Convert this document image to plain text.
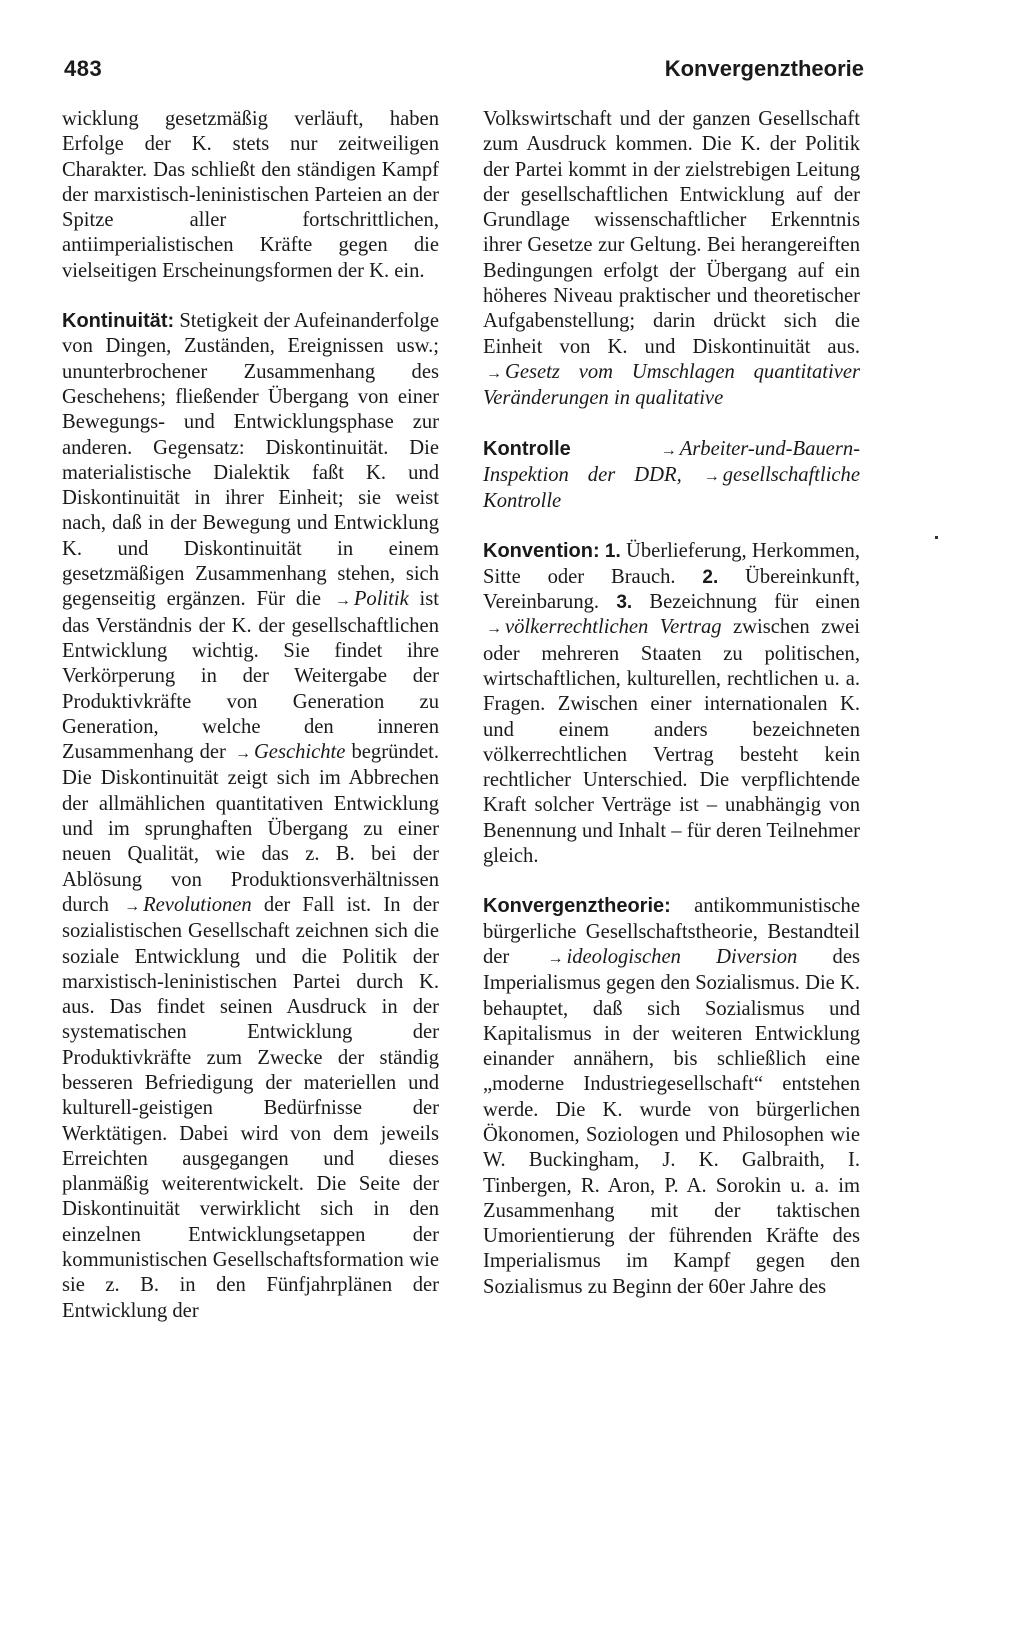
483	Konvergenztheorie

wicklung gesetzmäßig verläuft, haben Erfolge der K. stets nur zeitweiligen Charakter. Das schließt den ständigen Kampf der marxistisch-leninistischen Parteien an der Spitze aller fortschrittlichen, antiimperialistischen Kräfte gegen die vielseitigen Erscheinungsformen der K. ein.

Kontinuität: Stetigkeit der Aufeinanderfolge von Dingen, Zuständen, Ereignissen usw.; ununterbrochener Zusammenhang des Geschehens; fließender Übergang von einer Bewegungs- und Entwicklungsphase zur anderen. Gegensatz: Diskontinuität. Die materialistische Dialektik faßt K. und Diskontinuität in ihrer Einheit; sie weist nach, daß in der Bewegung und Entwicklung K. und Diskontinuität in einem gesetzmäßigen Zusammenhang stehen, sich gegenseitig ergänzen. Für die → Politik ist das Verständnis der K. der gesellschaftlichen Entwicklung wichtig. Sie findet ihre Verkörperung in der Weitergabe der Produktivkräfte von Generation zu Generation, welche den inneren Zusammenhang der → Geschichte begründet. Die Diskontinuität zeigt sich im Abbrechen der allmählichen quantitativen Entwicklung und im sprunghaften Übergang zu einer neuen Qualität, wie das z. B. bei der Ablösung von Produktionsverhältnissen durch → Revolutionen der Fall ist. In der sozialistischen Gesellschaft zeichnen sich die soziale Entwicklung und die Politik der marxistisch-leninistischen Partei durch K. aus. Das findet seinen Ausdruck in der systematischen Entwicklung der Produktivkräfte zum Zwecke der ständig besseren Befriedigung der materiellen und kulturell-geistigen Bedürfnisse der Werktätigen. Dabei wird von dem jeweils Erreichten ausgegangen und dieses planmäßig weiterentwickelt. Die Seite der Diskontinuität verwirklicht sich in den einzelnen Entwicklungsetappen der kommunistischen Gesellschaftsformation wie sie z. B. in den Fünfjahrplänen der Entwicklung der

Volkswirtschaft und der ganzen Gesellschaft zum Ausdruck kommen. Die K. der Politik der Partei kommt in der zielstrebigen Leitung der gesellschaftlichen Entwicklung auf der Grundlage wissenschaftlicher Erkenntnis ihrer Gesetze zur Geltung. Bei herangereiften Bedingungen erfolgt der Übergang auf ein höheres Niveau praktischer und theoretischer Aufgabenstellung; darin drückt sich die Einheit von K. und Diskontinuität aus. → Gesetz vom Umschlagen quantitativer Veränderungen in qualitative

Kontrolle	→ Arbeiter-und-Bauern-Inspektion der DDR, → gesellschaftliche Kontrolle

Konvention: 1. Überlieferung, Herkommen, Sitte oder Brauch. 2. Übereinkunft, Vereinbarung. 3. Bezeichnung für einen → völkerrechtlichen Vertrag zwischen zwei oder mehreren Staaten zu politischen, wirtschaftlichen, kulturellen, rechtlichen u. a. Fragen. Zwischen einer internationalen K. und einem anders bezeichneten völkerrechtlichen Vertrag besteht kein rechtlicher Unterschied. Die verpflichtende Kraft solcher Verträge ist – unabhängig von Benennung und Inhalt – für deren Teilnehmer gleich.

Konvergenztheorie: antikommunistische bürgerliche Gesellschaftstheorie, Bestandteil der → ideologischen Diversion des Imperialismus gegen den Sozialismus. Die K. behauptet, daß sich Sozialismus und Kapitalismus in der weiteren Entwicklung einander annähern, bis schließlich eine „moderne Industriegesellschaft“ entstehen werde. Die K. wurde von bürgerlichen Ökonomen, Soziologen und Philosophen wie W. Buckingham, J. K. Galbraith, I. Tinbergen, R. Aron, P. A. Sorokin u. a. im Zusammenhang mit der taktischen Umorientierung der führenden Kräfte des Imperialismus im Kampf gegen den Sozialismus zu Beginn der 60er Jahre des
